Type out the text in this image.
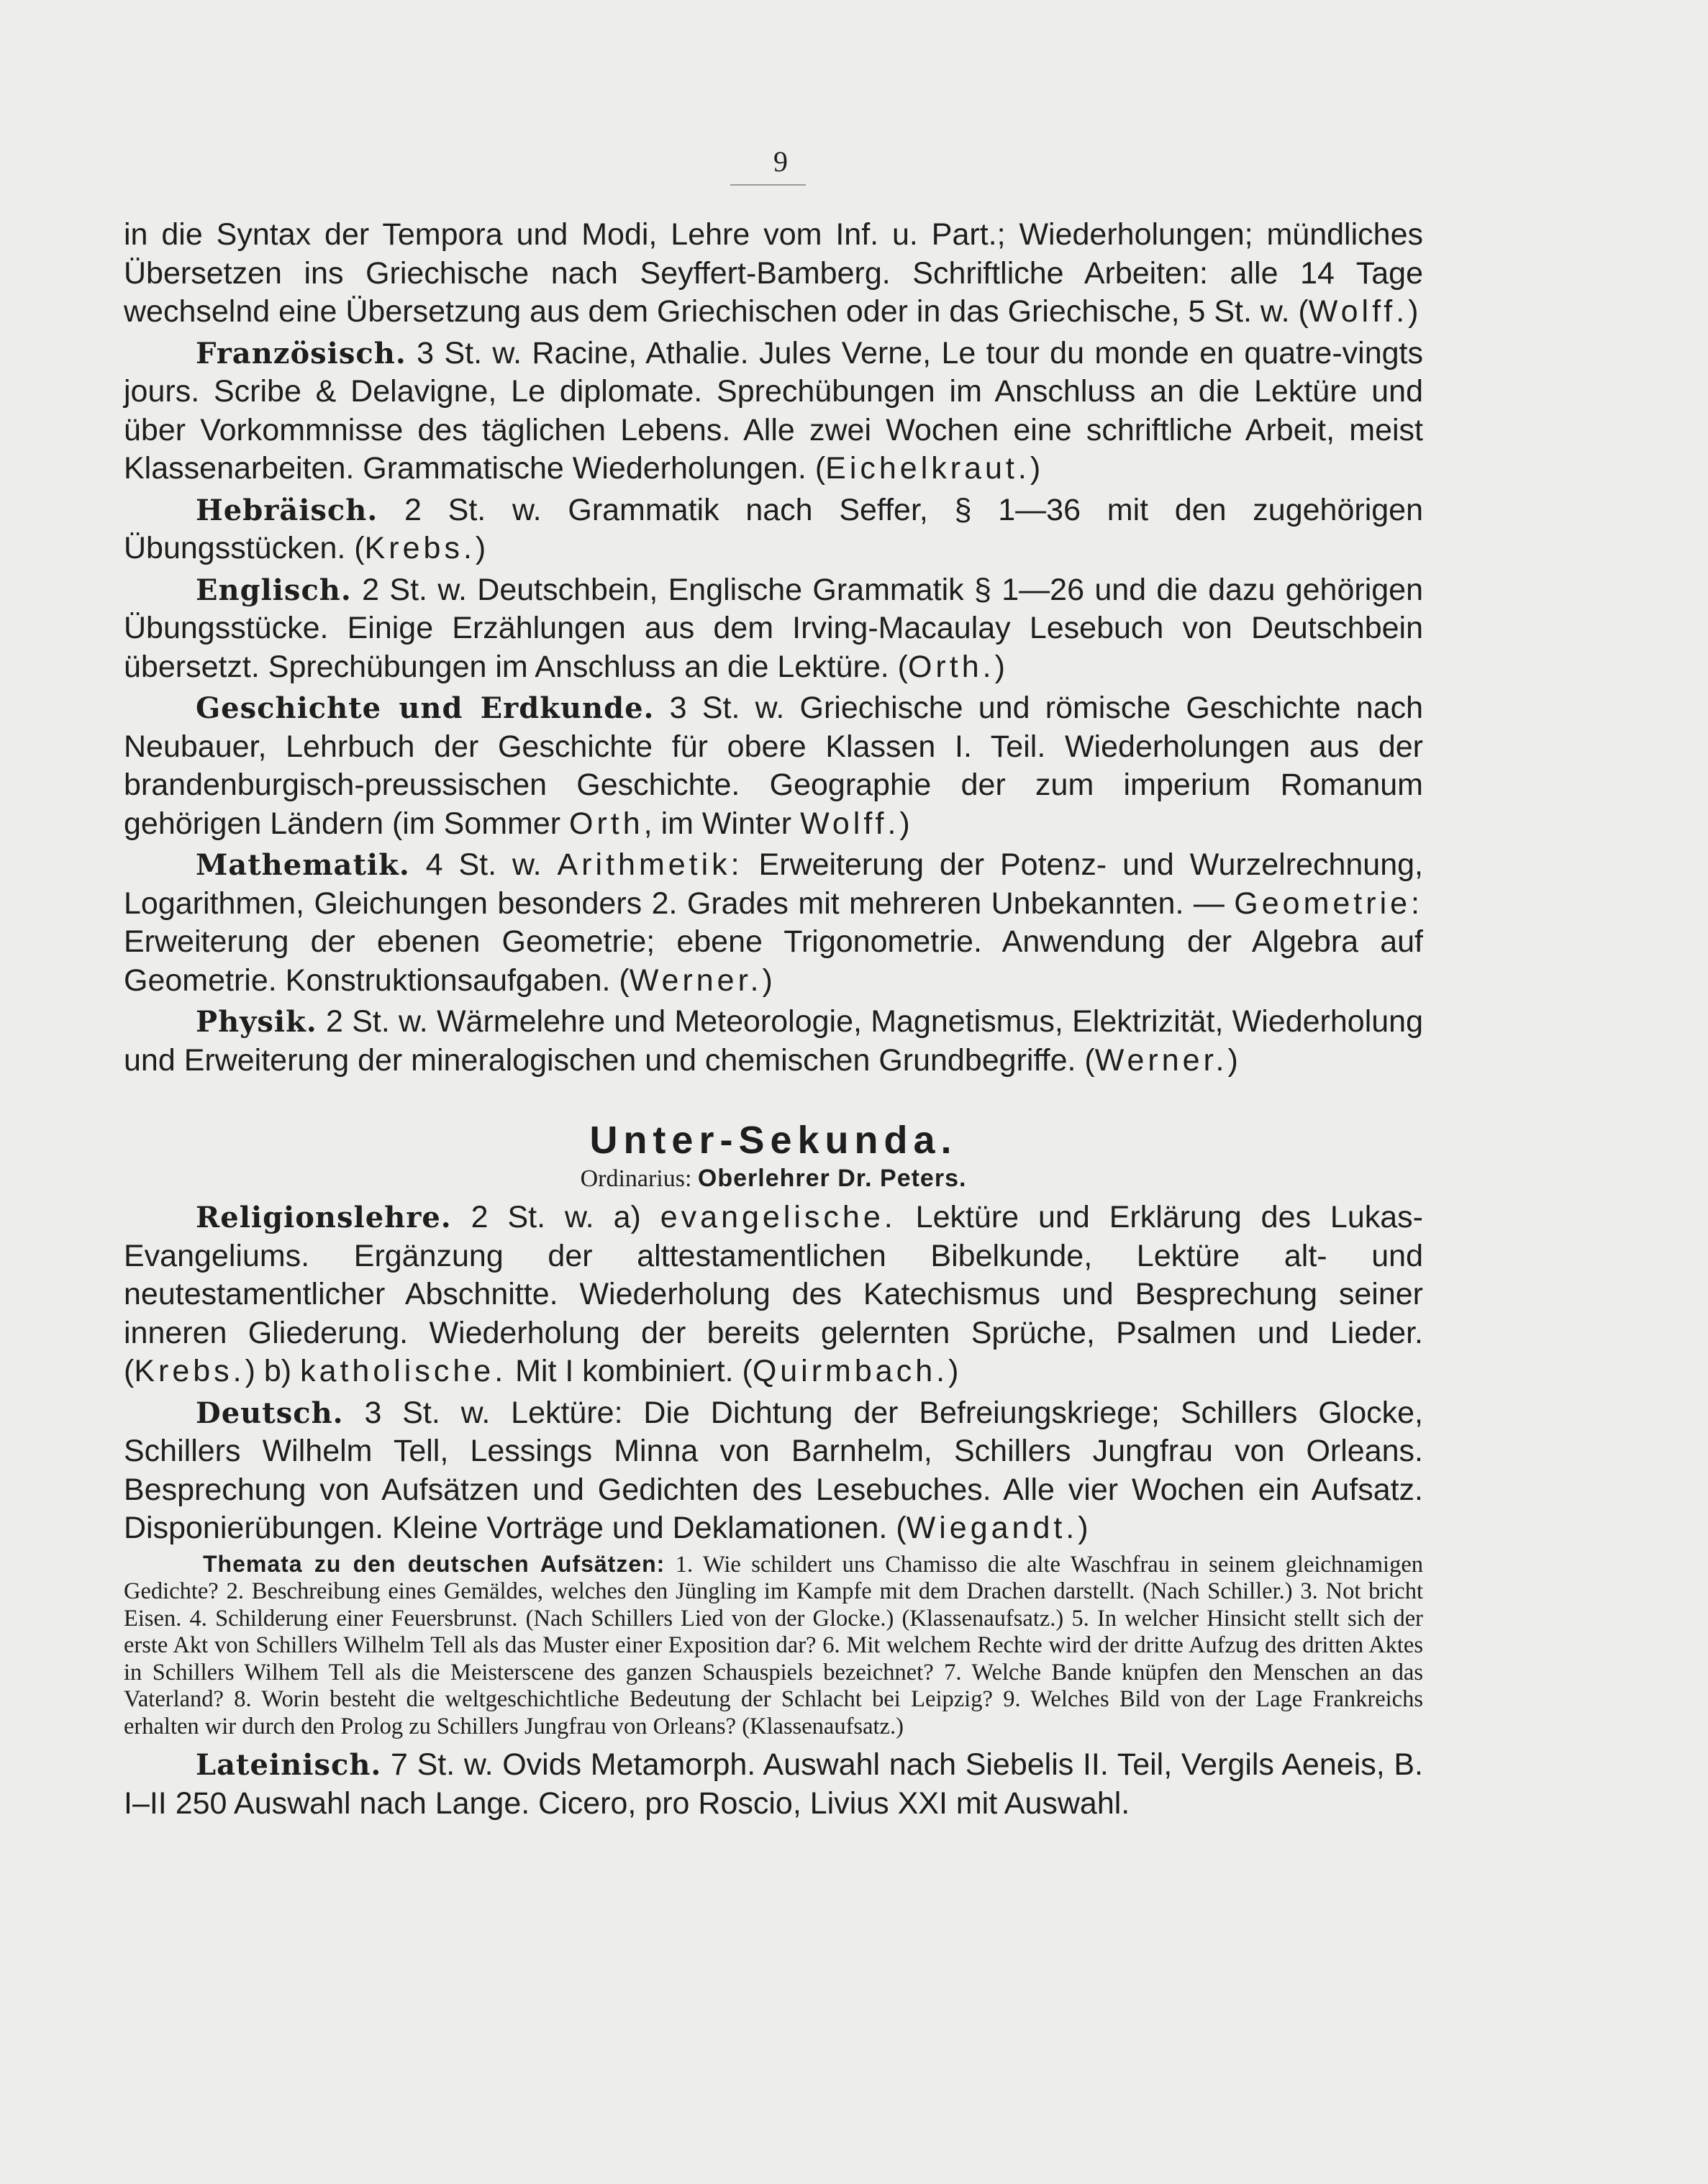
9

in die Syntax der Tempora und Modi, Lehre vom Inf. u. Part.; Wiederholungen; mündliches Übersetzen ins Griechische nach Seyffert-Bamberg. Schriftliche Arbeiten: alle 14 Tage wechselnd eine Übersetzung aus dem Griechischen oder in das Griechische, 5 St. w. (Wolff.)

Französisch. 3 St. w. Racine, Athalie. Jules Verne, Le tour du monde en quatre-vingts jours. Scribe & Delavigne, Le diplomate. Sprechübungen im Anschluss an die Lektüre und über Vorkommnisse des täglichen Lebens. Alle zwei Wochen eine schriftliche Arbeit, meist Klassenarbeiten. Grammatische Wiederholungen. (Eichelkraut.)

Hebräisch. 2 St. w. Grammatik nach Seffer, § 1—36 mit den zugehörigen Übungsstücken. (Krebs.)

Englisch. 2 St. w. Deutschbein, Englische Grammatik § 1—26 und die dazu gehörigen Übungsstücke. Einige Erzählungen aus dem Irving-Macaulay Lesebuch von Deutschbein übersetzt. Sprechübungen im Anschluss an die Lektüre. (Orth.)

Geschichte und Erdkunde. 3 St. w. Griechische und römische Geschichte nach Neubauer, Lehrbuch der Geschichte für obere Klassen I. Teil. Wiederholungen aus der brandenburgisch-preussischen Geschichte. Geographie der zum imperium Romanum gehörigen Ländern (im Sommer Orth, im Winter Wolff.)

Mathematik. 4 St. w. Arithmetik: Erweiterung der Potenz- und Wurzelrechnung, Logarithmen, Gleichungen besonders 2. Grades mit mehreren Unbekannten. — Geometrie: Erweiterung der ebenen Geometrie; ebene Trigonometrie. Anwendung der Algebra auf Geometrie. Konstruktionsaufgaben. (Werner.)

Physik. 2 St. w. Wärmelehre und Meteorologie, Magnetismus, Elektrizität, Wiederholung und Erweiterung der mineralogischen und chemischen Grundbegriffe. (Werner.)

Unter-Sekunda.
Ordinarius: Oberlehrer Dr. Peters.

Religionslehre. 2 St. w. a) evangelische. Lektüre und Erklärung des Lukas-Evangeliums. Ergänzung der alttestamentlichen Bibelkunde, Lektüre alt- und neutestamentlicher Abschnitte. Wiederholung des Katechismus und Besprechung seiner inneren Gliederung. Wiederholung der bereits gelernten Sprüche, Psalmen und Lieder. (Krebs.) b) katholische. Mit I kombiniert. (Quirmbach.)

Deutsch. 3 St. w. Lektüre: Die Dichtung der Befreiungskriege; Schillers Glocke, Schillers Wilhelm Tell, Lessings Minna von Barnhelm, Schillers Jungfrau von Orleans. Besprechung von Aufsätzen und Gedichten des Lesebuches. Alle vier Wochen ein Aufsatz. Disponierübungen. Kleine Vorträge und Deklamationen. (Wiegandt.)

Themata zu den deutschen Aufsätzen: 1. Wie schildert uns Chamisso die alte Waschfrau in seinem gleichnamigen Gedichte? 2. Beschreibung eines Gemäldes, welches den Jüngling im Kampfe mit dem Drachen darstellt. (Nach Schiller.) 3. Not bricht Eisen. 4. Schilderung einer Feuersbrunst. (Nach Schillers Lied von der Glocke.) (Klassenaufsatz.) 5. In welcher Hinsicht stellt sich der erste Akt von Schillers Wilhelm Tell als das Muster einer Exposition dar? 6. Mit welchem Rechte wird der dritte Aufzug des dritten Aktes in Schillers Wilhem Tell als die Meisterscene des ganzen Schauspiels bezeichnet? 7. Welche Bande knüpfen den Menschen an das Vaterland? 8. Worin besteht die weltgeschichtliche Bedeutung der Schlacht bei Leipzig? 9. Welches Bild von der Lage Frankreichs erhalten wir durch den Prolog zu Schillers Jungfrau von Orleans? (Klassenaufsatz.)

Lateinisch. 7 St. w. Ovids Metamorph. Auswahl nach Siebelis II. Teil, Vergils Aeneis, B. I–II 250 Auswahl nach Lange. Cicero, pro Roscio, Livius XXI mit Auswahl.
